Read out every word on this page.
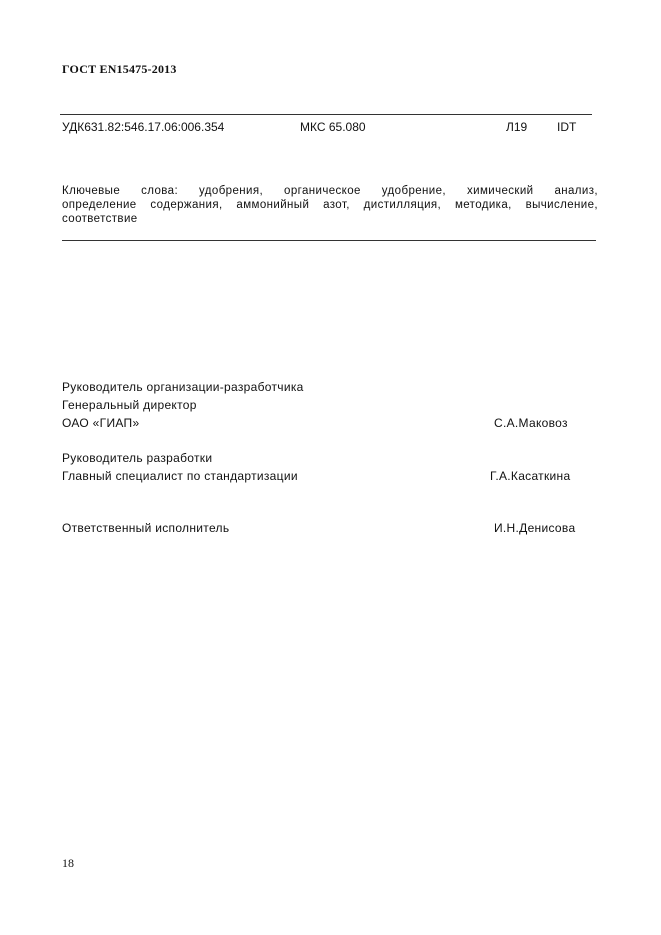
ГОСТ EN15475-2013
УДК631.82:546.17.06:006.354	МКС 65.080	Л19 IDT
Ключевые слова: удобрения, органическое удобрение, химический анализ,
определение содержания, аммонийный азот, дистилляция, методика, вычисление,
соответствие
Руководитель организации-разработчика
Генеральный директор
ОАО «ГИАП»	С.А.Маковоз
Руководитель разработки
Главный специалист по стандартизации	Г.А.Касаткина
Ответственный исполнитель	И.Н.Денисова
18
